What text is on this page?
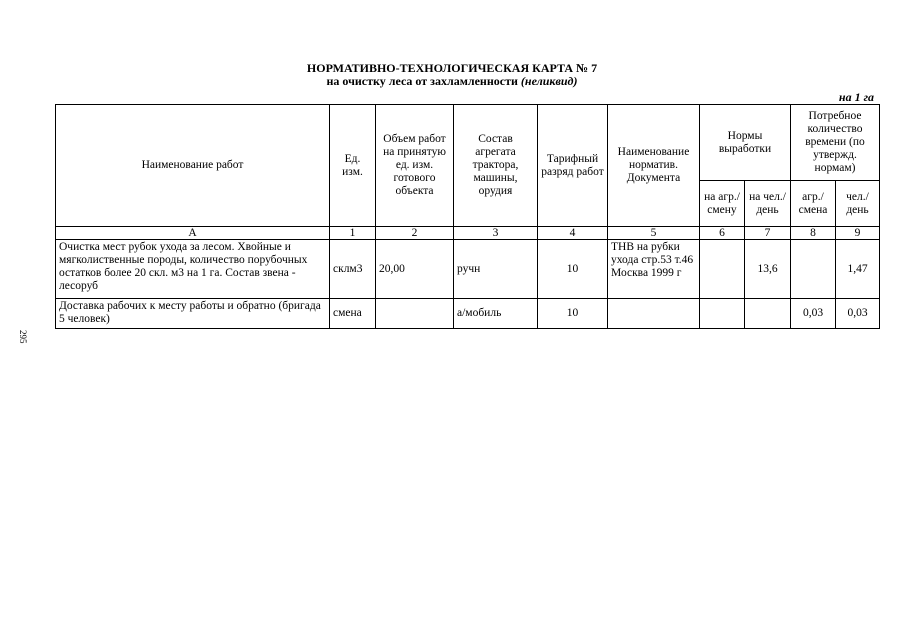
НОРМАТИВНО-ТЕХНОЛОГИЧЕСКАЯ КАРТА № 7
на очистку леса от захламленности (неликвид)
на 1 га
295
Наименование работ	Ед. изм.	Объем работ на принятую ед. изм. готового объекта	Состав агрегата трактора, машины, орудия	Тарифный разряд работ	Наименование норматив. Документа	Нормы выработки		Потребное количество времени (по утвержд. нормам)	
						на агр./ смену	на чел./ день	агр./ смена	чел./ день
А	1	2	3	4	5	6	7	8	9
Очистка мест рубок ухода за лесом. Хвойные и мягколиственные породы, количество порубочных остатков более 20 скл. м3 на 1 га. Состав звена - лесоруб	склм3	20,00	ручн	10	ТНВ на рубки ухода стр.53 т.46 Москва 1999 г		13,6		1,47
Доставка рабочих к месту работы и обратно (бригада 5 человек)	смена		а/мобиль	10				0,03	0,03
